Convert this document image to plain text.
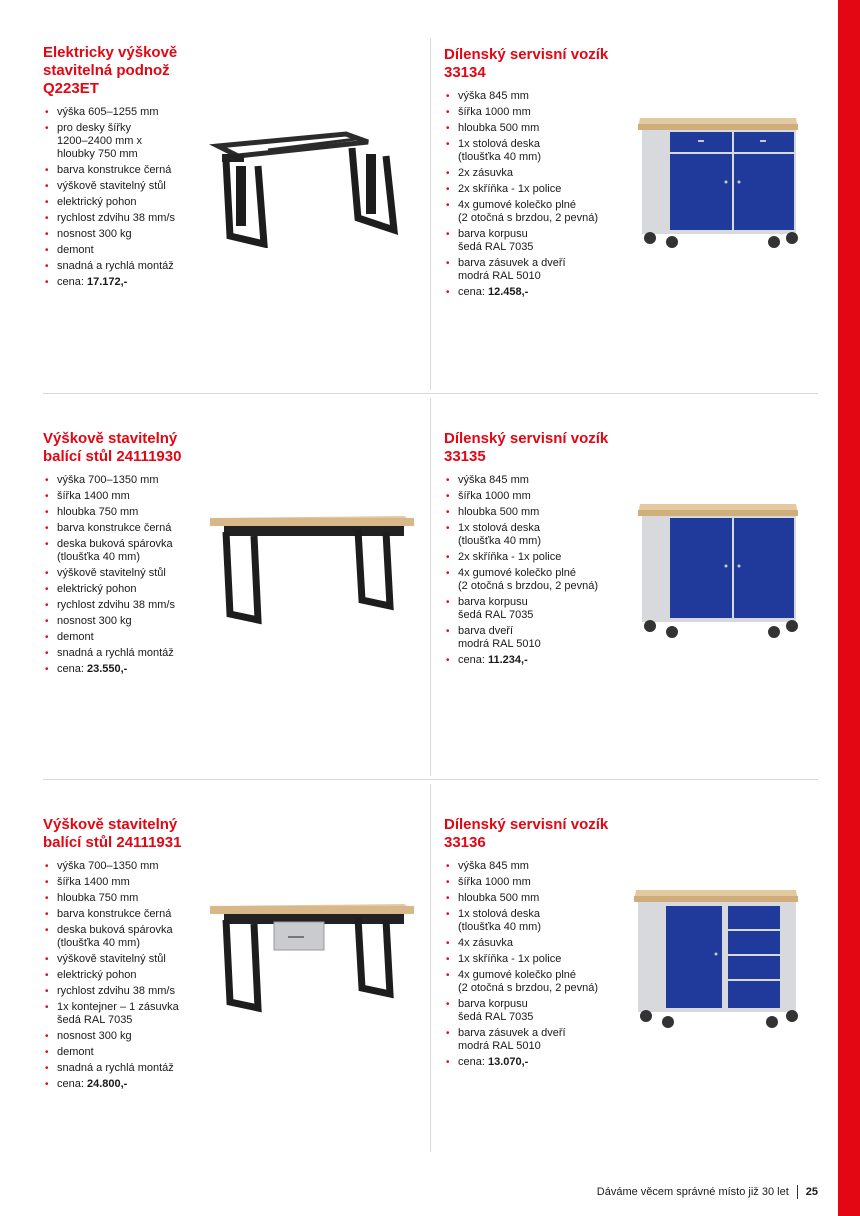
Elektricky výškově
stavitelná podnož
Q223ET
• výška 605–1255 mm
• pro desky šířky
1200–2400 mm x
hloubky 750 mm
• barva konstrukce černá
• výškově stavitelný stůl
• elektrický pohon
• rychlost zdvihu 38 mm/s
• nosnost 300 kg
• demont
• snadná a rychlá montáž
• cena: 17.172,-
Dílenský servisní vozík
33134
• výška 845 mm
• šířka 1000 mm
• hloubka 500 mm
• 1x stolová deska
(tloušťka 40 mm)
• 2x zásuvka
• 2x skříňka - 1x police
• 4x gumové kolečko plné
(2 otočná s brzdou, 2 pevná)
• barva korpusu
šedá RAL 7035
• barva zásuvek a dveří
modrá RAL 5010
• cena: 12.458,-
Výškově stavitelný
balící stůl 24111930
• výška 700–1350 mm
• šířka 1400 mm
• hloubka 750 mm
• barva konstrukce černá
• deska buková spárovka
(tloušťka 40 mm)
• výškově stavitelný stůl
• elektrický pohon
• rychlost zdvihu 38 mm/s
• nosnost 300 kg
• demont
• snadná a rychlá montáž
• cena: 23.550,-
Dílenský servisní vozík
33135
• výška 845 mm
• šířka 1000 mm
• hloubka 500 mm
• 1x stolová deska
(tloušťka 40 mm)
• 2x skříňka - 1x police
• 4x gumové kolečko plné
(2 otočná s brzdou, 2 pevná)
• barva korpusu
šedá RAL 7035
• barva dveří
modrá RAL 5010
• cena: 11.234,-
Výškově stavitelný
balící stůl 24111931
• výška 700–1350 mm
• šířka 1400 mm
• hloubka 750 mm
• barva konstrukce černá
• deska buková spárovka
(tloušťka 40 mm)
• výškově stavitelný stůl
• elektrický pohon
• rychlost zdvihu 38 mm/s
• 1x kontejner – 1 zásuvka
šedá RAL 7035
• nosnost 300 kg
• demont
• snadná a rychlá montáž
• cena: 24.800,-
Dílenský servisní vozík
33136
• výška 845 mm
• šířka 1000 mm
• hloubka 500 mm
• 1x stolová deska
(tloušťka 40 mm)
• 4x zásuvka
• 1x skříňka - 1x police
• 4x gumové kolečko plné
(2 otočná s brzdou, 2 pevná)
• barva korpusu
šedá RAL 7035
• barva zásuvek a dveří
modrá RAL 5010
• cena: 13.070,-
Dáváme věcem správné místo již 30 let 25
